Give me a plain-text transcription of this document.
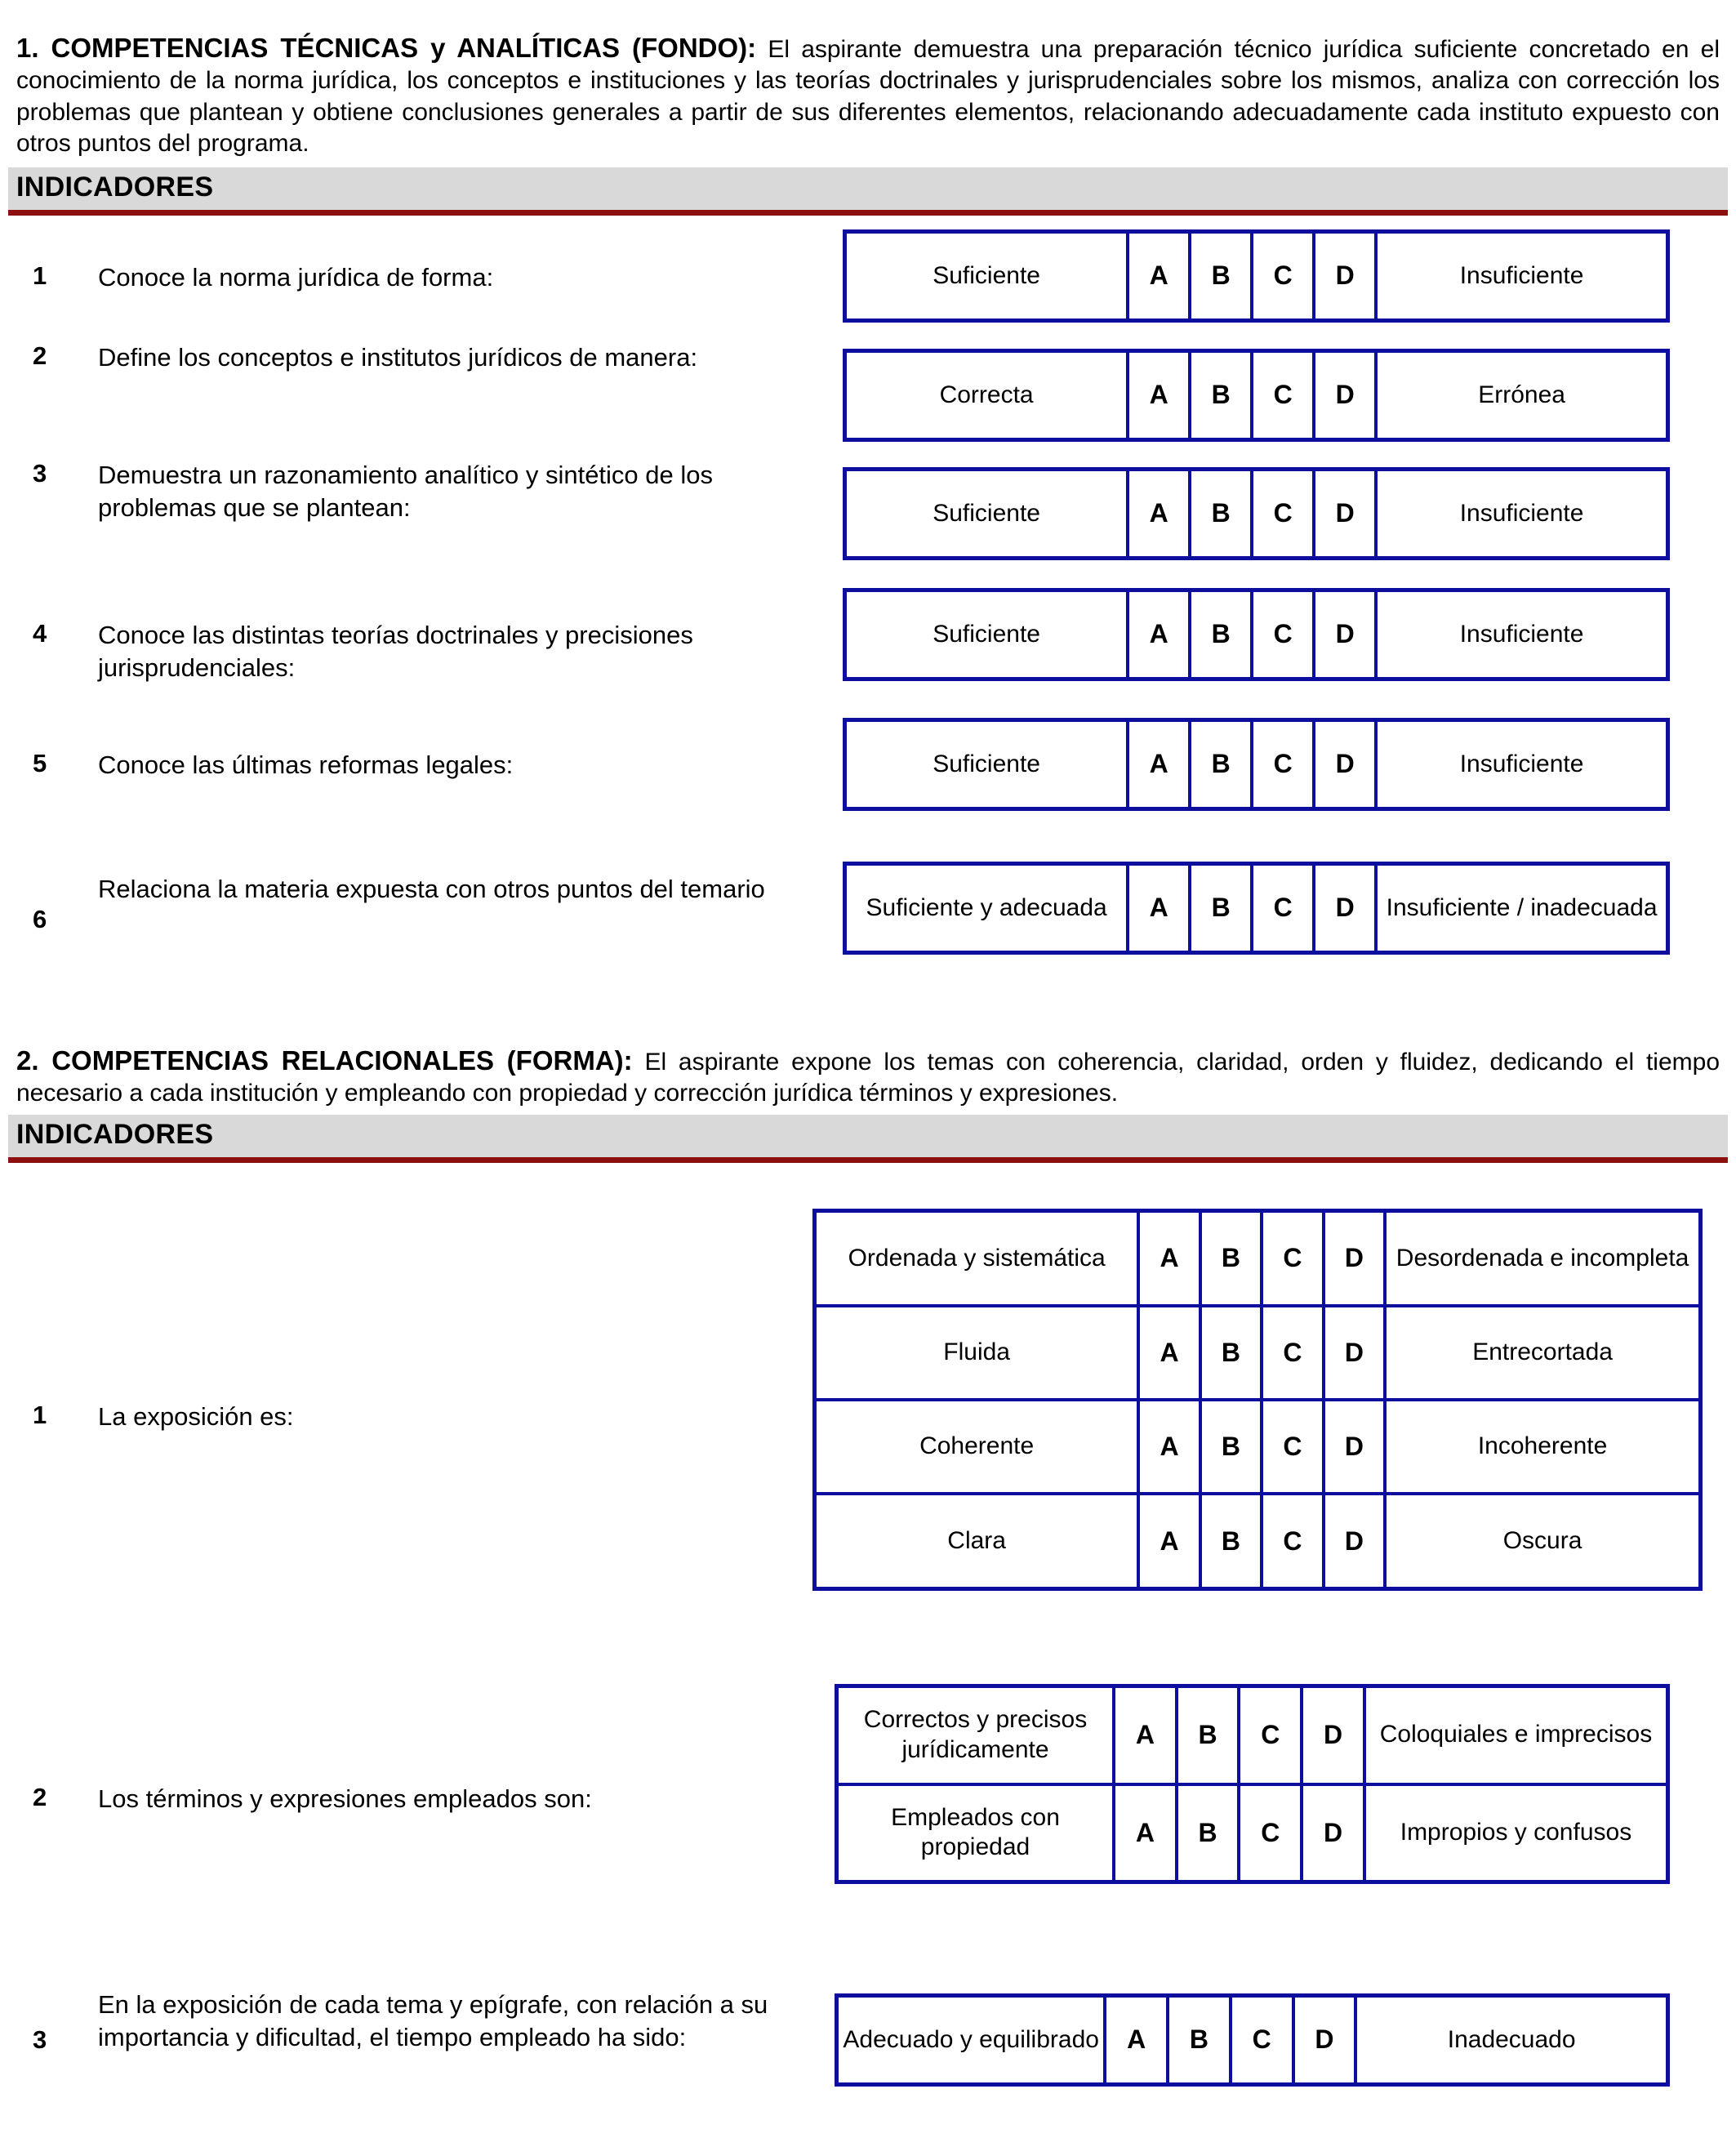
1. COMPETENCIAS TÉCNICAS y ANALÍTICAS (FONDO): El aspirante demuestra una preparación técnico jurídica suficiente concretado en el conocimiento de la norma jurídica, los conceptos e instituciones y las teorías doctrinales y jurisprudenciales sobre los mismos, analiza con corrección los problemas que plantean y obtiene conclusiones generales a partir de sus diferentes elementos, relacionando adecuadamente cada instituto expuesto con otros puntos del programa.

INDICADORES
1 Conoce la norma jurídica de forma:	Suficiente	A	B	C	D	Insuficiente
2 Define los conceptos e institutos jurídicos de manera:
Correcta	A	B	C	D	Errónea
3 Demuestra un razonamiento analítico y sintético de los problemas que se plantean:	Suficiente	A	B	C	D	Insuficiente
4 Conoce las distintas teorías doctrinales y precisiones jurisprudenciales:
Suficiente	A	B	C	D	Insuficiente
5 Conoce las últimas reformas legales:	Suficiente	A	B	C	D	Insuficiente
6
Relaciona la materia expuesta con otros puntos del temario
Suficiente y adecuada	A	B	C	D	Insuficiente / inadecuada

2. COMPETENCIAS RELACIONALES (FORMA): El aspirante expone los temas con coherencia, claridad, orden y fluidez, dedicando el tiempo necesario a cada institución y empleando con propiedad y corrección jurídica términos y expresiones.

INDICADORES
1 La exposición es:
Ordenada y sistemática	A	B	C	D	Desordenada e incompleta
Fluida	A	B	C	D	Entrecortada
Coherente	A	B	C	D	Incoherente
Clara	A	B	C	D	Oscura
2 Los términos y expresiones empleados son:
Correctos y precisos jurídicamente	A	B	C	D	Coloquiales e imprecisos
Empleados con propiedad	A	B	C	D	Impropios y confusos
3
En la exposición de cada tema y epígrafe, con relación a su importancia y dificultad, el tiempo empleado ha sido:	Adecuado y equilibrado	A	B	C	D	Inadecuado
